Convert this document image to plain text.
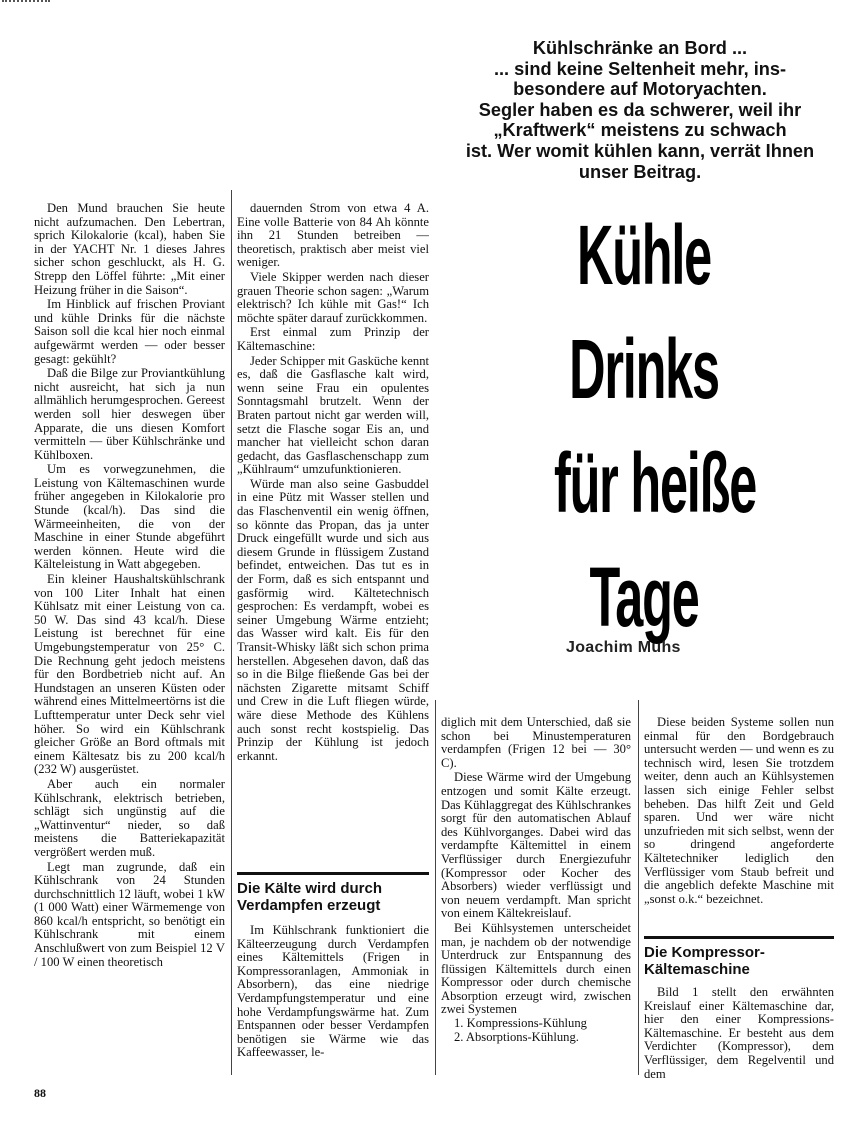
Kühlschränke an Bord ...
... sind keine Seltenheit mehr, ins-
besondere auf Motoryachten.
Segler haben es da schwerer, weil ihr
„Kraftwerk“ meistens zu schwach
ist. Wer womit kühlen kann, verrät Ihnen
unser Beitrag.
Kühle
Drinks
für heiße
Tage
Joachim Muhs

Den Mund brauchen Sie heute nicht aufzumachen. Den Lebertran, sprich Kilokalorie (kcal), haben Sie in der YACHT Nr. 1 dieses Jahres sicher schon geschluckt, als H. G. Strepp den Löffel führte: „Mit einer Heizung früher in die Saison“.

Im Hinblick auf frischen Proviant und kühle Drinks für die nächste Saison soll die kcal hier noch einmal aufgewärmt werden — oder besser gesagt: gekühlt?

Daß die Bilge zur Proviantkühlung nicht ausreicht, hat sich ja nun allmählich herumgesprochen. Gereest werden soll hier deswegen über Apparate, die uns diesen Komfort vermitteln — über Kühlschränke und Kühlboxen.

Um es vorwegzunehmen, die Leistung von Kältemaschinen wurde früher angegeben in Kilokalorie pro Stunde (kcal/h). Das sind die Wärmeeinheiten, die von der Maschine in einer Stunde abgeführt werden können. Heute wird die Kälteleistung in Watt abgegeben.

Ein kleiner Haushaltskühlschrank von 100 Liter Inhalt hat einen Kühlsatz mit einer Leistung von ca. 50 W. Das sind 43 kcal/h. Diese Leistung ist berechnet für eine Umgebungstemperatur von 25° C. Die Rechnung geht jedoch meistens für den Bordbetrieb nicht auf. An Hundstagen an unseren Küsten oder während eines Mittelmeertörns ist die Lufttemperatur unter Deck sehr viel höher. So wird ein Kühlschrank gleicher Größe an Bord oftmals mit einem Kältesatz bis zu 200 kcal/h (232 W) ausgerüstet.

Aber auch ein normaler Kühlschrank, elektrisch betrieben, schlägt sich ungünstig auf die „Wattinventur“ nieder, so daß meistens die Batteriekapazität vergrößert werden muß.

Legt man zugrunde, daß ein Kühlschrank von 24 Stunden durchschnittlich 12 läuft, wobei 1 kW (1 000 Watt) einer Wärmemenge von 860 kcal/h entspricht, so benötigt ein Kühlschrank mit einem Anschlußwert von zum Beispiel 12 V / 100 W einen theoretisch

dauernden Strom von etwa 4 A. Eine volle Batterie von 84 Ah könnte ihn 21 Stunden betreiben — theoretisch, praktisch aber meist viel weniger.

Viele Skipper werden nach dieser grauen Theorie schon sagen: „Warum elektrisch? Ich kühle mit Gas!“ Ich möchte später darauf zurückkommen.

Erst einmal zum Prinzip der Kältemaschine:

Jeder Schipper mit Gasküche kennt es, daß die Gasflasche kalt wird, wenn seine Frau ein opulentes Sonntagsmahl brutzelt. Wenn der Braten partout nicht gar werden will, setzt die Flasche sogar Eis an, und mancher hat vielleicht schon daran gedacht, das Gasflaschenschapp zum „Kühlraum“ umzufunktionieren.

Würde man also seine Gasbuddel in eine Pütz mit Wasser stellen und das Flaschenventil ein wenig öffnen, so könnte das Propan, das ja unter Druck eingefüllt wurde und sich aus diesem Grunde in flüssigem Zustand befindet, entweichen. Das tut es in der Form, daß es sich entspannt und gasförmig wird. Kältetechnisch gesprochen: Es verdampft, wobei es seiner Umgebung Wärme entzieht; das Wasser wird kalt. Eis für den Transit-Whisky läßt sich schon prima herstellen. Abgesehen davon, daß das so in die Bilge fließende Gas bei der nächsten Zigarette mitsamt Schiff und Crew in die Luft fliegen würde, wäre diese Methode des Kühlens auch sonst recht kostspielig. Das Prinzip der Kühlung ist jedoch erkannt.

Die Kälte wird durch Verdampfen erzeugt

Im Kühlschrank funktioniert die Kälteerzeugung durch Verdampfen eines Kältemittels (Frigen in Kompressoranlagen, Ammoniak in Absorbern), das eine niedrige Verdampfungstemperatur und eine hohe Verdampfungswärme hat. Zum Entspannen oder besser Verdampfen benötigen sie Wärme wie das Kaffeewasser, le-

diglich mit dem Unterschied, daß sie schon bei Minustemperaturen verdampfen (Frigen 12 bei — 30° C).

Diese Wärme wird der Umgebung entzogen und somit Kälte erzeugt. Das Kühlaggregat des Kühlschrankes sorgt für den automatischen Ablauf des Kühlvorganges. Dabei wird das verdampfte Kältemittel in einem Verflüssiger durch Energiezufuhr (Kompressor oder Kocher des Absorbers) wieder verflüssigt und von neuem verdampft. Man spricht von einem Kältekreislauf.

Bei Kühlsystemen unterscheidet man, je nachdem ob der notwendige Unterdruck zur Entspannung des flüssigen Kältemittels durch einen Kompressor oder durch chemische Absorption erzeugt wird, zwischen zwei Systemen

1. Kompressions-Kühlung
2. Absorptions-Kühlung.

Diese beiden Systeme sollen nun einmal für den Bordgebrauch untersucht werden — und wenn es zu technisch wird, lesen Sie trotzdem weiter, denn auch an Kühlsystemen lassen sich einige Fehler selbst beheben. Das hilft Zeit und Geld sparen. Und wer wäre nicht unzufrieden mit sich selbst, wenn der so dringend angeforderte Kältetechniker lediglich den Verflüssiger vom Staub befreit und die angeblich defekte Maschine mit „sonst o.k.“ bezeichnet.

Die Kompressor-Kältemaschine

Bild 1 stellt den erwähnten Kreislauf einer Kältemaschine dar, hier den einer Kompressions-Kältemaschine. Er besteht aus dem Verdichter (Kompressor), dem Verflüssiger, dem Regelventil und dem

88
